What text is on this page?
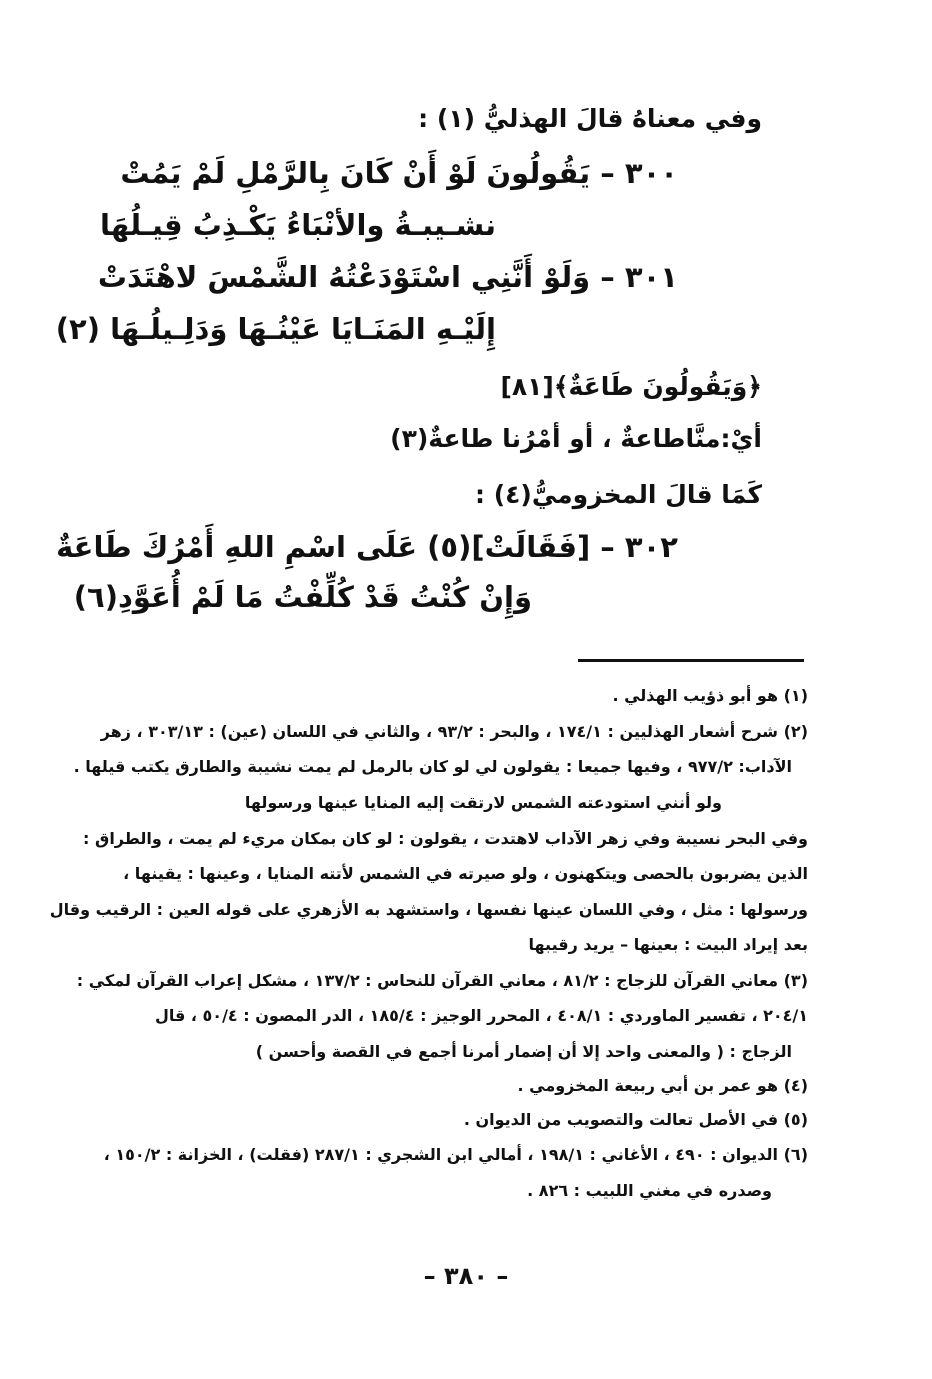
وفي معناهُ قالَ الهذليُّ (١) :
٣٠٠ – يَقُولُونَ لَوْ أَنْ كَانَ بِالرَّمْلِ لَمْ يَمُتْ
نشـيبـةُ والأنْبَاءُ يَكْـذِبُ قِيـلُهَا
٣٠١ – وَلَوْ أَنَّنِي اسْتَوْدَعْتُهُ الشَّمْسَ لاهْتَدَتْ
إِلَيْـهِ المَنَـايَا عَيْنُـهَا وَدَلِـيلُـهَا (٢)
﴿وَيَقُولُونَ طَاعَةٌ﴾[٨١]
أيْ:منَّاطاعةٌ ، أو أمْرُنا طاعةٌ(٣)
كَمَا قالَ المخزوميُّ(٤) :
٣٠٢ – [فَقَالَتْ](٥) عَلَى اسْمِ اللهِ أَمْرُكَ طَاعَةٌ
وَإِنْ كُنْتُ قَدْ كُلِّفْتُ مَا لَمْ أُعَوَّدِ(٦)
(١) هو أبو ذؤيب الهذلي .
(٢) شرح أشعار الهذليين : ١٧٤/١ ، والبحر : ٩٣/٢ ، والثاني في اللسان (عين) : ٣٠٣/١٣ ، زهر
الآداب: ٩٧٧/٢ ، وفيها جميعا : يقولون لي لو كان بالرمل لم يمت نشيبة والطارق يكتب قيلها .
ولو أنني استودعته الشمس لارتقت إليه المنايا عينها ورسولها
وفي البحر نسيبة وفي زهر الآداب لاهتدت ، يقولون : لو كان بمكان مريء لم يمت ، والطراق :
الذين يضربون بالحصى ويتكهنون ، ولو صيرته في الشمس لأتته المنايا ، وعينها : يقينها ،
ورسولها : مثل ، وفي اللسان عينها نفسها ، واستشهد به الأزهري على قوله العين : الرقيب وقال
بعد إيراد البيت : بعينها – يريد رقيبها
(٣) معاني القرآن للزجاج : ٨١/٢ ، معاني القرآن للنحاس : ١٣٧/٢ ، مشكل إعراب القرآن لمكي :
٢٠٤/١ ، تفسير الماوردي : ٤٠٨/١ ، المحرر الوجيز : ١٨٥/٤ ، الدر المصون : ٥٠/٤ ، قال
الزجاج : ( والمعنى واحد إلا أن إضمار أمرنا أجمع في القصة وأحسن )
(٤) هو عمر بن أبي ربيعة المخزومي .
(٥) في الأصل تعالت والتصويب من الديوان .
(٦) الديوان : ٤٩٠ ، الأغاني : ١٩٨/١ ، أمالي ابن الشجري : ٢٨٧/١ (فقلت) ، الخزانة : ١٥٠/٢ ،
وصدره في مغني اللبيب : ٨٢٦ .
– ٣٨٠ –
